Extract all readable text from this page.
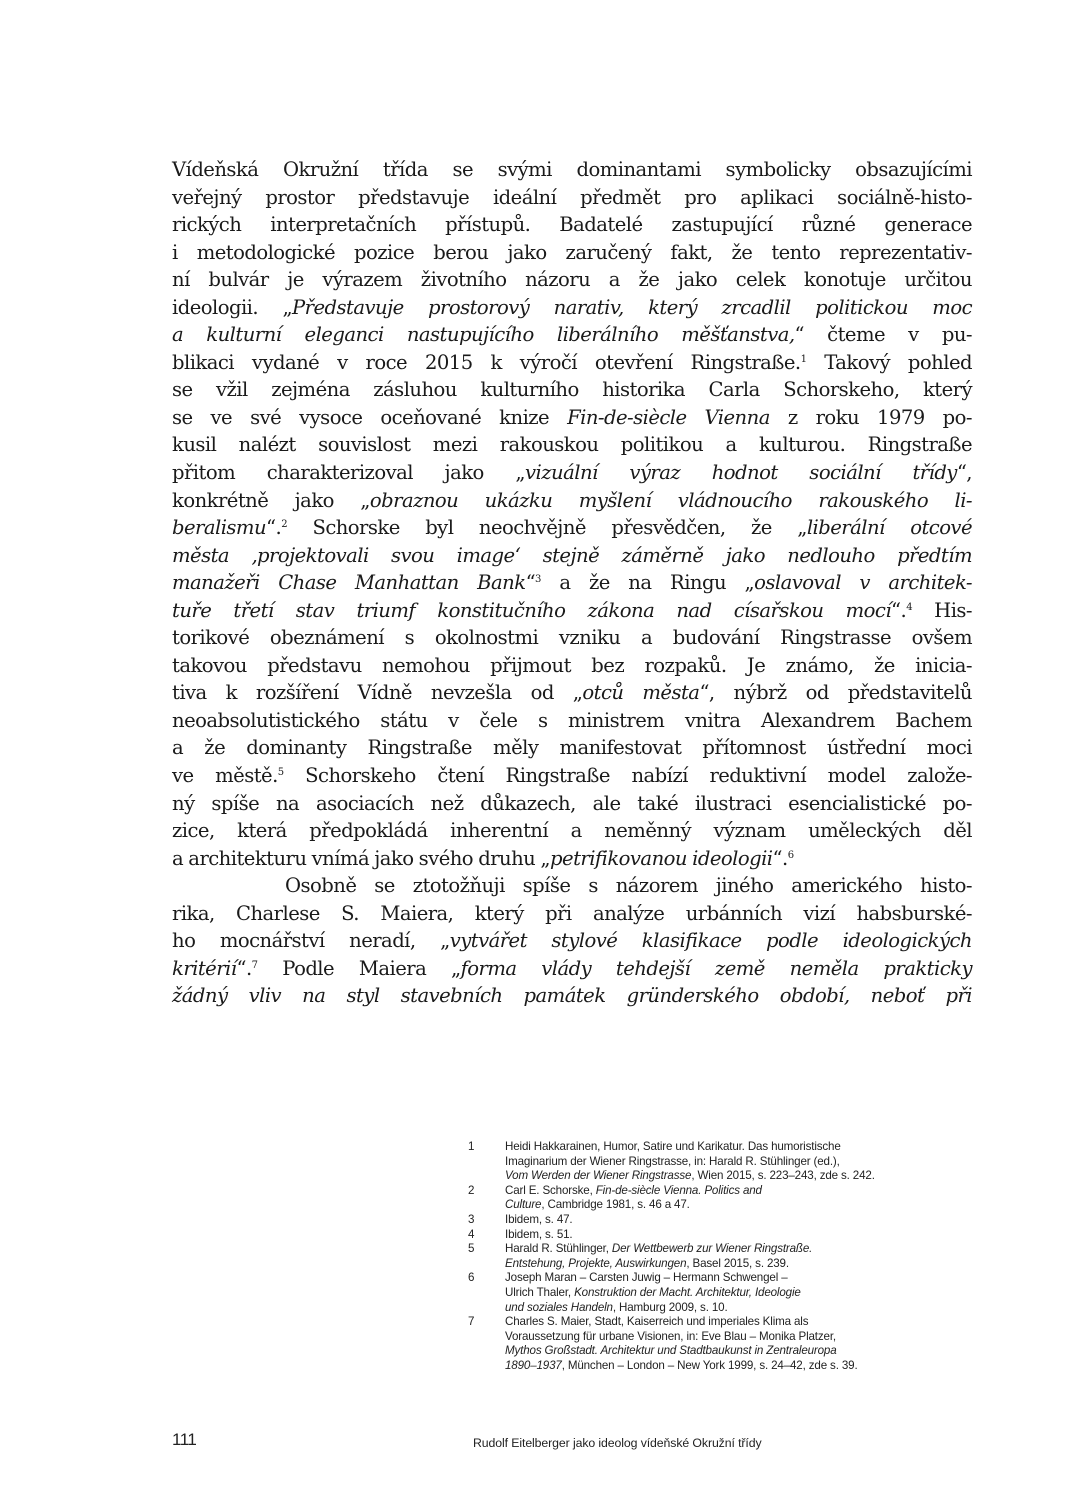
Vídeňská Okružní třída se svými dominantami symbolicky obsazujícími
veřejný prostor představuje ideální předmět pro aplikaci sociálně-histo-
rických interpretačních přístupů. Badatelé zastupující různé generace
i metodologické pozice berou jako zaručený fakt, že tento reprezentativ-
ní bulvár je výrazem životního názoru a že jako celek konotuje určitou
ideologii. „Představuje prostorový narativ, který zrcadlil politickou moc
a kulturní eleganci nastupujícího liberálního měšťanstva,“ čteme v pu-
blikaci vydané v roce 2015 k výročí otevření Ringstraße.$^1$ Takový pohled
se vžil zejména zásluhou kulturního historika Carla Schorskeho, který
se ve své vysoce oceňované knize Fin-de-siècle Vienna z roku 1979 po-
kusil nalézt souvislost mezi rakouskou politikou a kulturou. Ringstraße
přitom charakterizoval jako „vizuální výraz hodnot sociální třídy“,
konkrétně jako „obraznou ukázku myšlení vládnoucího rakouského li-
beralismu“.$^2$ Schorske byl neochvějně přesvědčen, že „liberální otcové
města ‚projektovali svou image‘ stejně záměrně jako nedlouho předtím
manažeři Chase Manhattan Bank“$^3$ a že na Ringu „oslavoval v architek-
tuře třetí stav triumf konstitučního zákona nad císařskou mocí“.$^4$ His-
torikové obeznámení s okolnostmi vzniku a budování Ringstrasse ovšem
takovou představu nemohou přijmout bez rozpaků. Je známo, že inicia-
tiva k rozšíření Vídně nevzešla od „otců města“, nýbrž od představitelů
neoabsolutistického státu v čele s ministrem vnitra Alexandrem Bachem
a že dominanty Ringstraße měly manifestovat přítomnost ústřední moci
ve městě.$^5$ Schorskeho čtení Ringstraße nabízí reduktivní model založe-
ný spíše na asociacích než důkazech, ale také ilustraci esencialistické po-
zice, která předpokládá inherentní a neměnný význam uměleckých děl
a architekturu vnímá jako svého druhu „petrifikovanou ideologii“.$^6$
Osobně se ztotožňuji spíše s názorem jiného amerického histo-
rika, Charlese S. Maiera, který při analýze urbánních vizí habsburské-
ho mocnářství neradí, „vytvářet stylové klasifikace podle ideologických
kritérií“.$^7$ Podle Maiera „forma vlády tehdejší země neměla prakticky
žádný vliv na styl stavebních památek gründerského období, neboť při
1	Heidi Hakkarainen, Humor, Satire und Karikatur. Das humoristische
Imaginarium der Wiener Ringstrasse, in: Harald R. Stühlinger (ed.),
Vom Werden der Wiener Ringstrasse, Wien 2015, s. 223–243, zde s. 242.
2	Carl E. Schorske, Fin-de-siècle Vienna. Politics and
Culture, Cambridge 1981, s. 46 a 47.
3	Ibidem, s. 47.
4	Ibidem, s. 51.
5	Harald R. Stühlinger, Der Wettbewerb zur Wiener Ringstraße.
Entstehung, Projekte, Auswirkungen, Basel 2015, s. 239.
6	Joseph Maran – Carsten Juwig – Hermann Schwengel –
Ulrich Thaler, Konstruktion der Macht. Architektur, Ideologie
und soziales Handeln, Hamburg 2009, s. 10.
7	Charles S. Maier, Stadt, Kaiserreich und imperiales Klima als
Voraussetzung für urbane Visionen, in: Eve Blau – Monika Platzer,
Mythos Großstadt. Architektur und Stadtbaukunst in Zentraleuropa
1890–1937, München – London – New York 1999, s. 24–42, zde s. 39.
111	Rudolf Eitelberger jako ideolog vídeňské Okružní třídy
